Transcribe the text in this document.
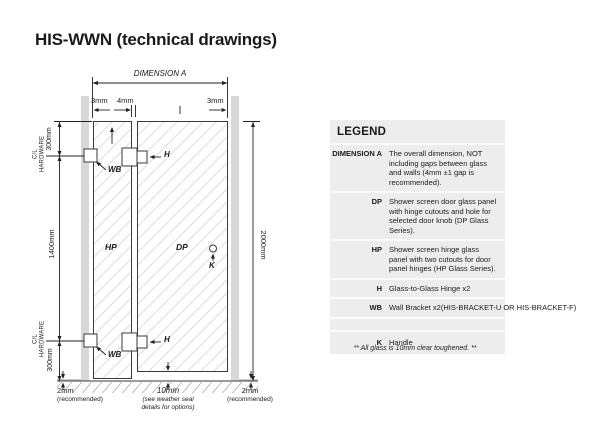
HIS-WWN (technical drawings)
DIMENSION A
3mm 4mm	3mm
C/L
HARDWARE 300mm
1400mm
C/L
HARDWARE
300mm
2000mm
HP	DP
WB
H
WB
H
K
2mm
(recommended)
10mm
(see weather seal
details for options)
2mm
(recommended)
LEGEND
DIMENSION A The overall dimension, NOT including gaps between glass and walls (4mm ±1 gap is recommended).
DP Shower screen door glass panel with hinge cutouts and hole for selected door knob (DP Glass Series).
HP Shower screen hinge glass panel with two cutouts for door panel hinges (HP Glass Series).
H Glass-to-Glass Hinge x2
WB Wall Bracket x2(HIS-BRACKET-U OR HIS-BRACKET-F)
K Handle
** All glass is 10mm clear toughened. **
